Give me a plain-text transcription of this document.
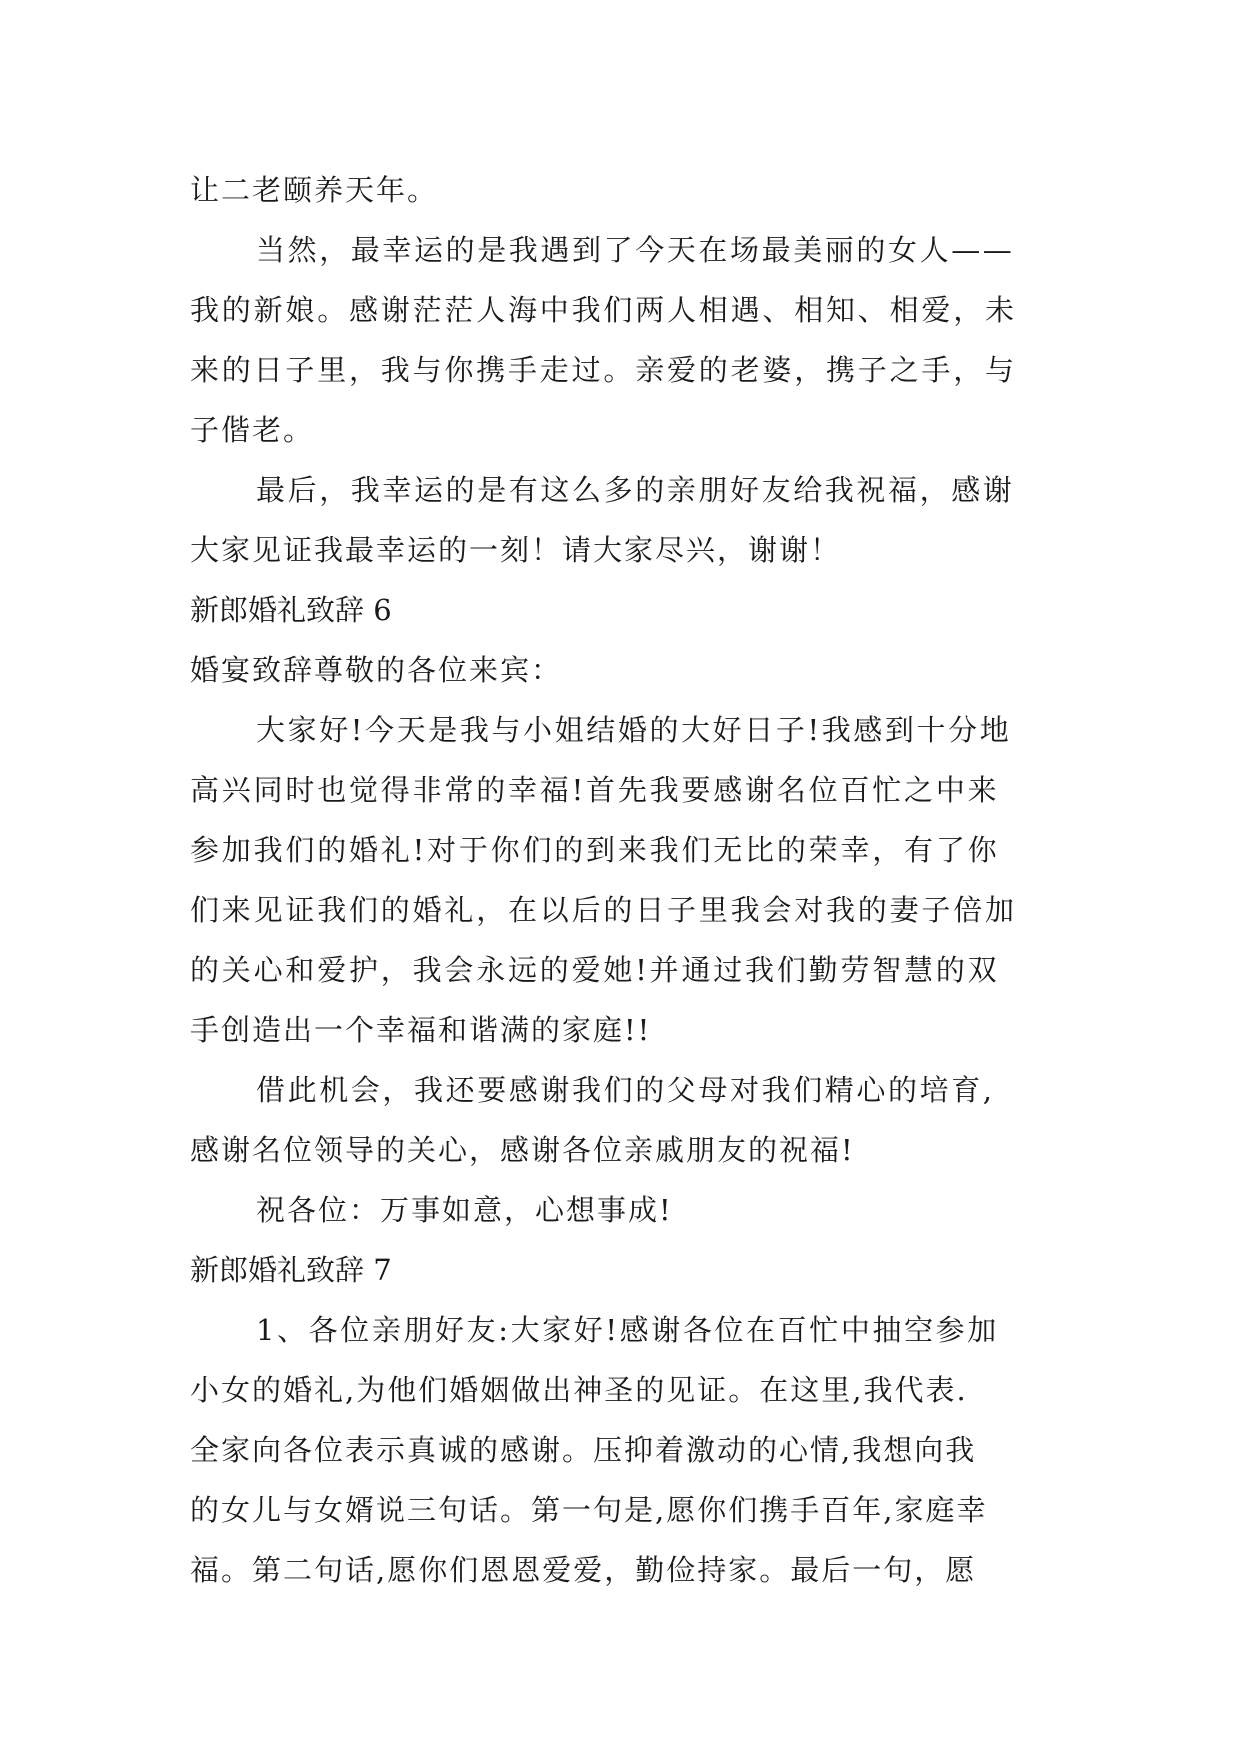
让二老颐养天年。
当然，最幸运的是我遇到了今天在场最美丽的女人——
我的新娘。感谢茫茫人海中我们两人相遇、相知、相爱，未
来的日子里，我与你携手走过。亲爱的老婆，携子之手，与
子偕老。
最后，我幸运的是有这么多的亲朋好友给我祝福，感谢
大家见证我最幸运的一刻！请大家尽兴，谢谢！
新郎婚礼致辞 6
婚宴致辞尊敬的各位来宾：
大家好!今天是我与小姐结婚的大好日子!我感到十分地
高兴同时也觉得非常的幸福!首先我要感谢名位百忙之中来
参加我们的婚礼!对于你们的到来我们无比的荣幸，有了你
们来见证我们的婚礼，在以后的日子里我会对我的妻子倍加
的关心和爱护，我会永远的爱她!并通过我们勤劳智慧的双
手创造出一个幸福和谐满的家庭!!
借此机会，我还要感谢我们的父母对我们精心的培育,
感谢名位领导的关心，感谢各位亲戚朋友的祝福!
祝各位：万事如意，心想事成!
新郎婚礼致辞 7
1、各位亲朋好友:大家好!感谢各位在百忙中抽空参加
小女的婚礼,为他们婚姻做出神圣的见证。在这里,我代表.
全家向各位表示真诚的感谢。压抑着激动的心情,我想向我
的女儿与女婿说三句话。第一句是,愿你们携手百年,家庭幸
福。第二句话,愿你们恩恩爱爱，勤俭持家。最后一句，愿
